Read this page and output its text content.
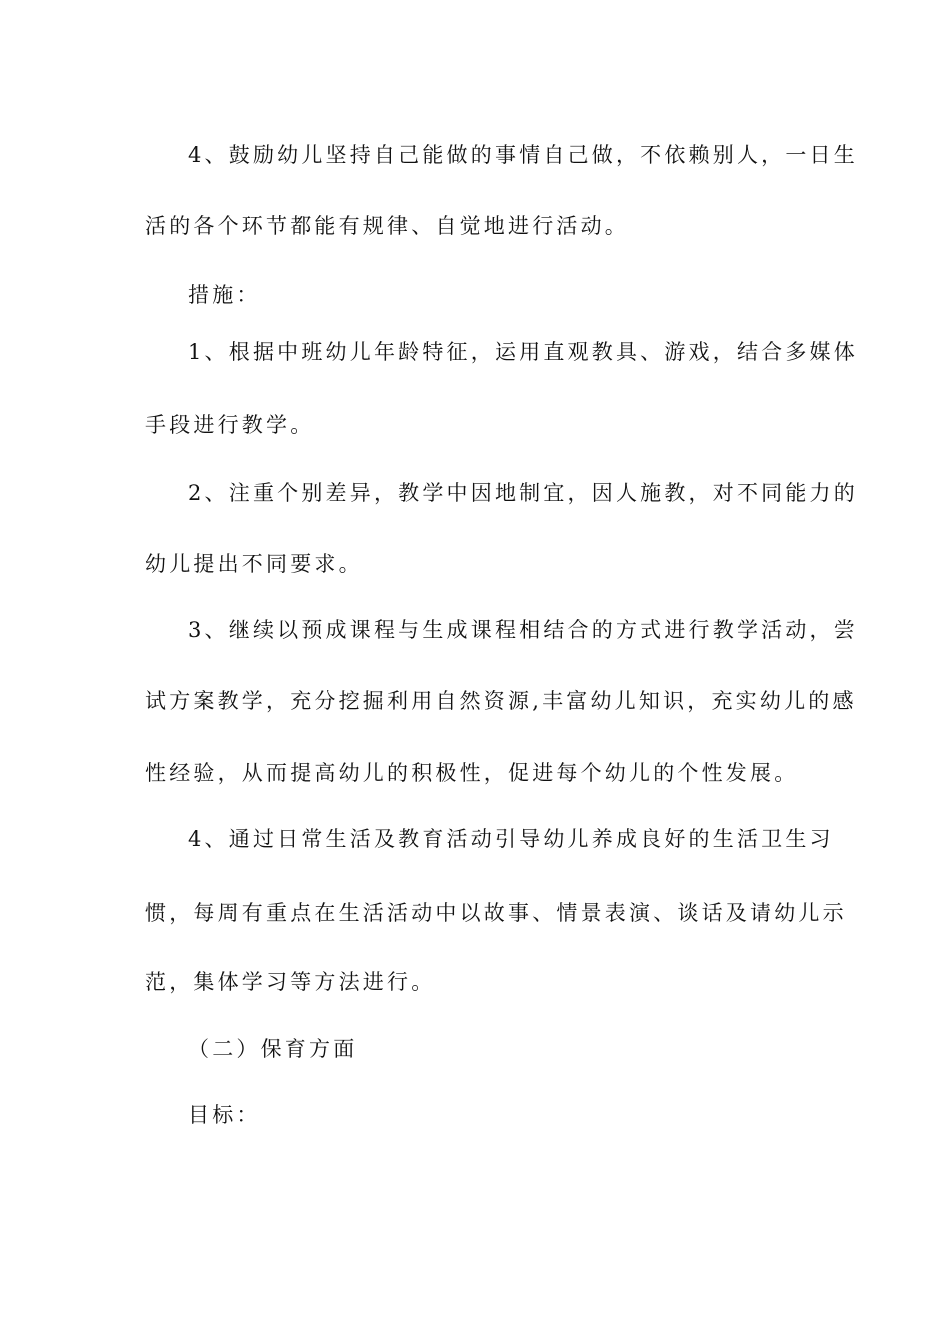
4、鼓励幼儿坚持自己能做的事情自己做，不依赖别人，一日生
活的各个环节都能有规律、自觉地进行活动。
措施：
1、根据中班幼儿年龄特征，运用直观教具、游戏，结合多媒体
手段进行教学。
2、注重个别差异，教学中因地制宜，因人施教，对不同能力的
幼儿提出不同要求。
3、继续以预成课程与生成课程相结合的方式进行教学活动，尝
试方案教学，充分挖掘利用自然资源,丰富幼儿知识，充实幼儿的感
性经验，从而提高幼儿的积极性，促进每个幼儿的个性发展。
4、通过日常生活及教育活动引导幼儿养成良好的生活卫生习
惯，每周有重点在生活活动中以故事、情景表演、谈话及请幼儿示
范，集体学习等方法进行。
（二）保育方面
目标：
